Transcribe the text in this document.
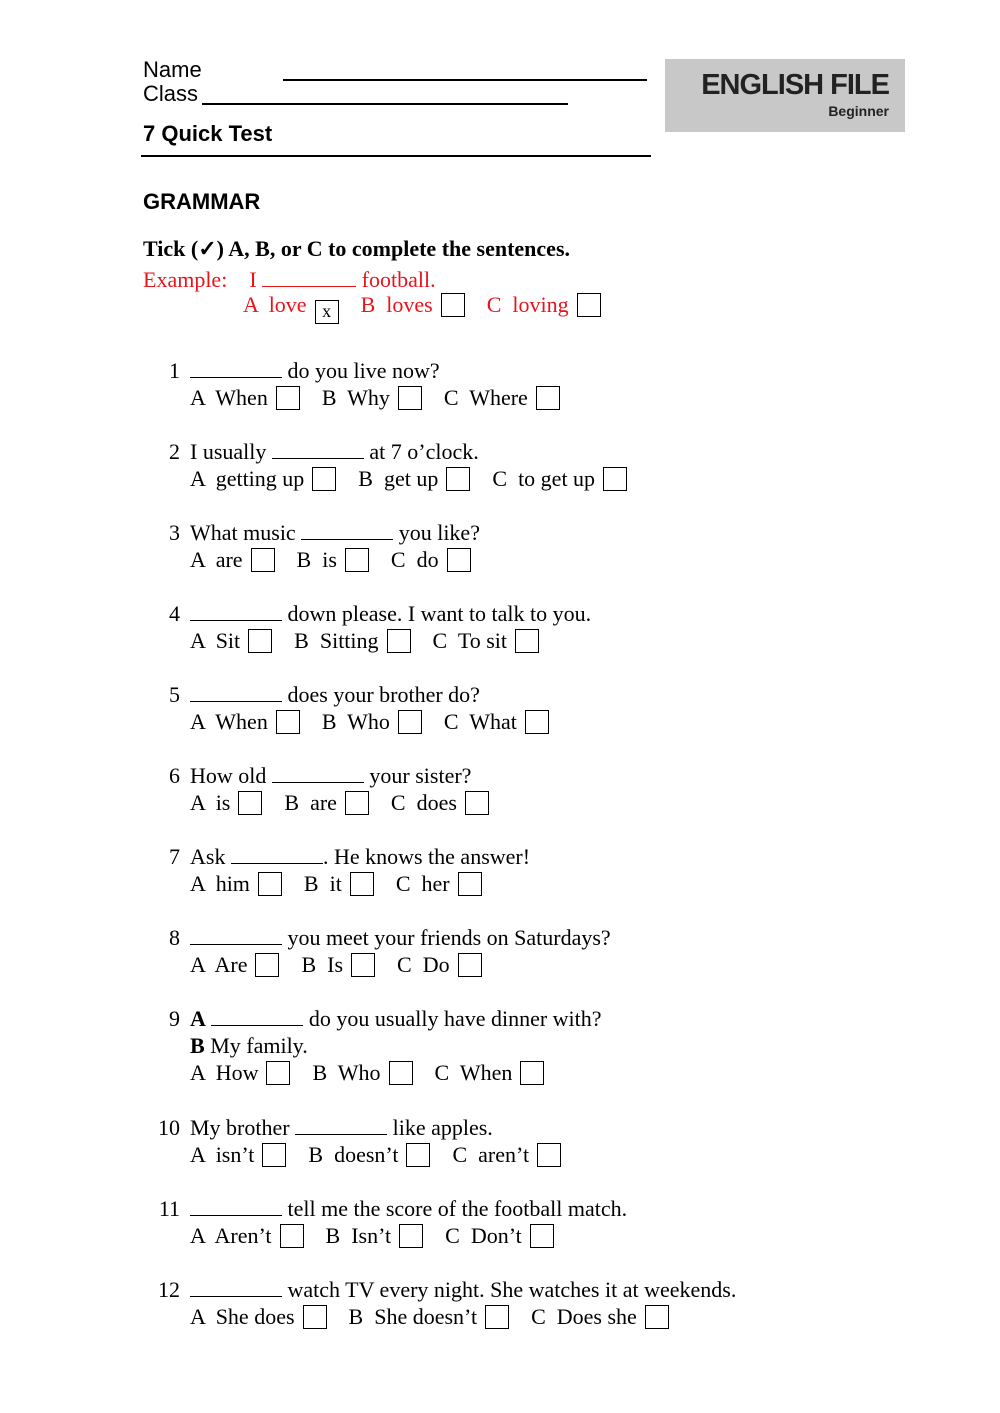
Name
Class
7 Quick Test
ENGLISH FILE
Beginner
GRAMMAR
Tick (✓) A, B, or C to complete the sentences.
Example: I	football.
A love x B loves C loving
1	do you live now?
A When B Why C Where
2 I usually	at 7 o’clock.
A getting up B get up C to get up
3 What music	you like?
A are B is C do
4	down please. I want to talk to you.
A Sit B Sitting C To sit
5	does your brother do?
A When B Who C What
6 How old	your sister?
A is B are C does
7 Ask	. He knows the answer!
A him B it C her
8	you meet your friends on Saturdays?
A Are B Is C Do
9 A	do you usually have dinner with?
B My family.
A How B Who C When
10 My brother	like apples.
A isn’t B doesn’t C aren’t
11	tell me the score of the football match.
A Aren’t B Isn’t C Don’t
12	watch TV every night. She watches it at weekends.
A She does B She doesn’t C Does she
